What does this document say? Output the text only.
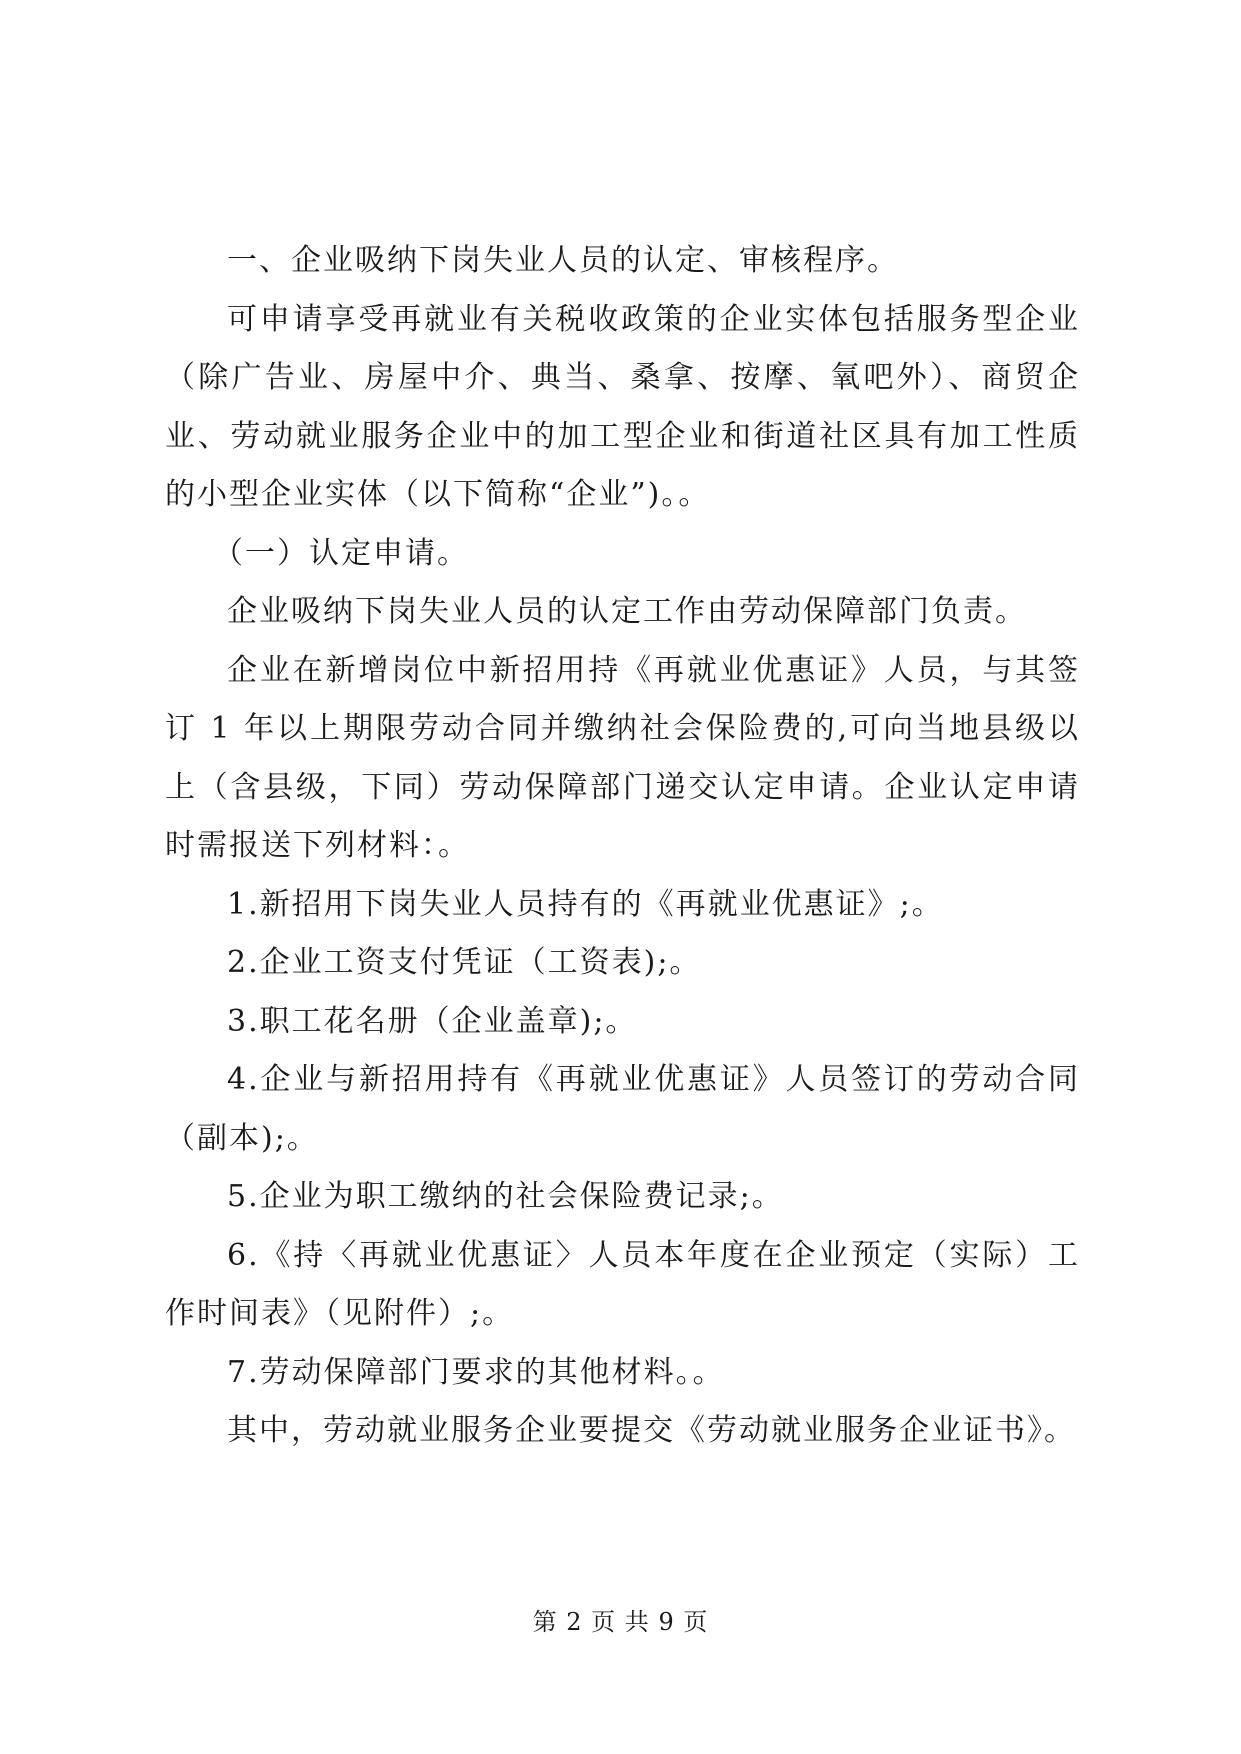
一、企业吸纳下岗失业人员的认定、审核程序。

可申请享受再就业有关税收政策的企业实体包括服务型企业（除广告业、房屋中介、典当、桑拿、按摩、氧吧外）、商贸企业、劳动就业服务企业中的加工型企业和街道社区具有加工性质的小型企业实体（以下简称“企业”)。。

（一）认定申请。

企业吸纳下岗失业人员的认定工作由劳动保障部门负责。

企业在新增岗位中新招用持《再就业优惠证》人员，与其签订 1 年以上期限劳动合同并缴纳社会保险费的,可向当地县级以上（含县级，下同）劳动保障部门递交认定申请。企业认定申请时需报送下列材料：。

1.新招用下岗失业人员持有的《再就业优惠证》;。

2.企业工资支付凭证（工资表);。

3.职工花名册（企业盖章);。

4.企业与新招用持有《再就业优惠证》人员签订的劳动合同（副本);。

5.企业为职工缴纳的社会保险费记录;。

6.《持〈再就业优惠证〉人员本年度在企业预定（实际）工作时间表》（见附件）;。

7.劳动保障部门要求的其他材料。。

其中，劳动就业服务企业要提交《劳动就业服务企业证书》。

第 2 页 共 9 页
